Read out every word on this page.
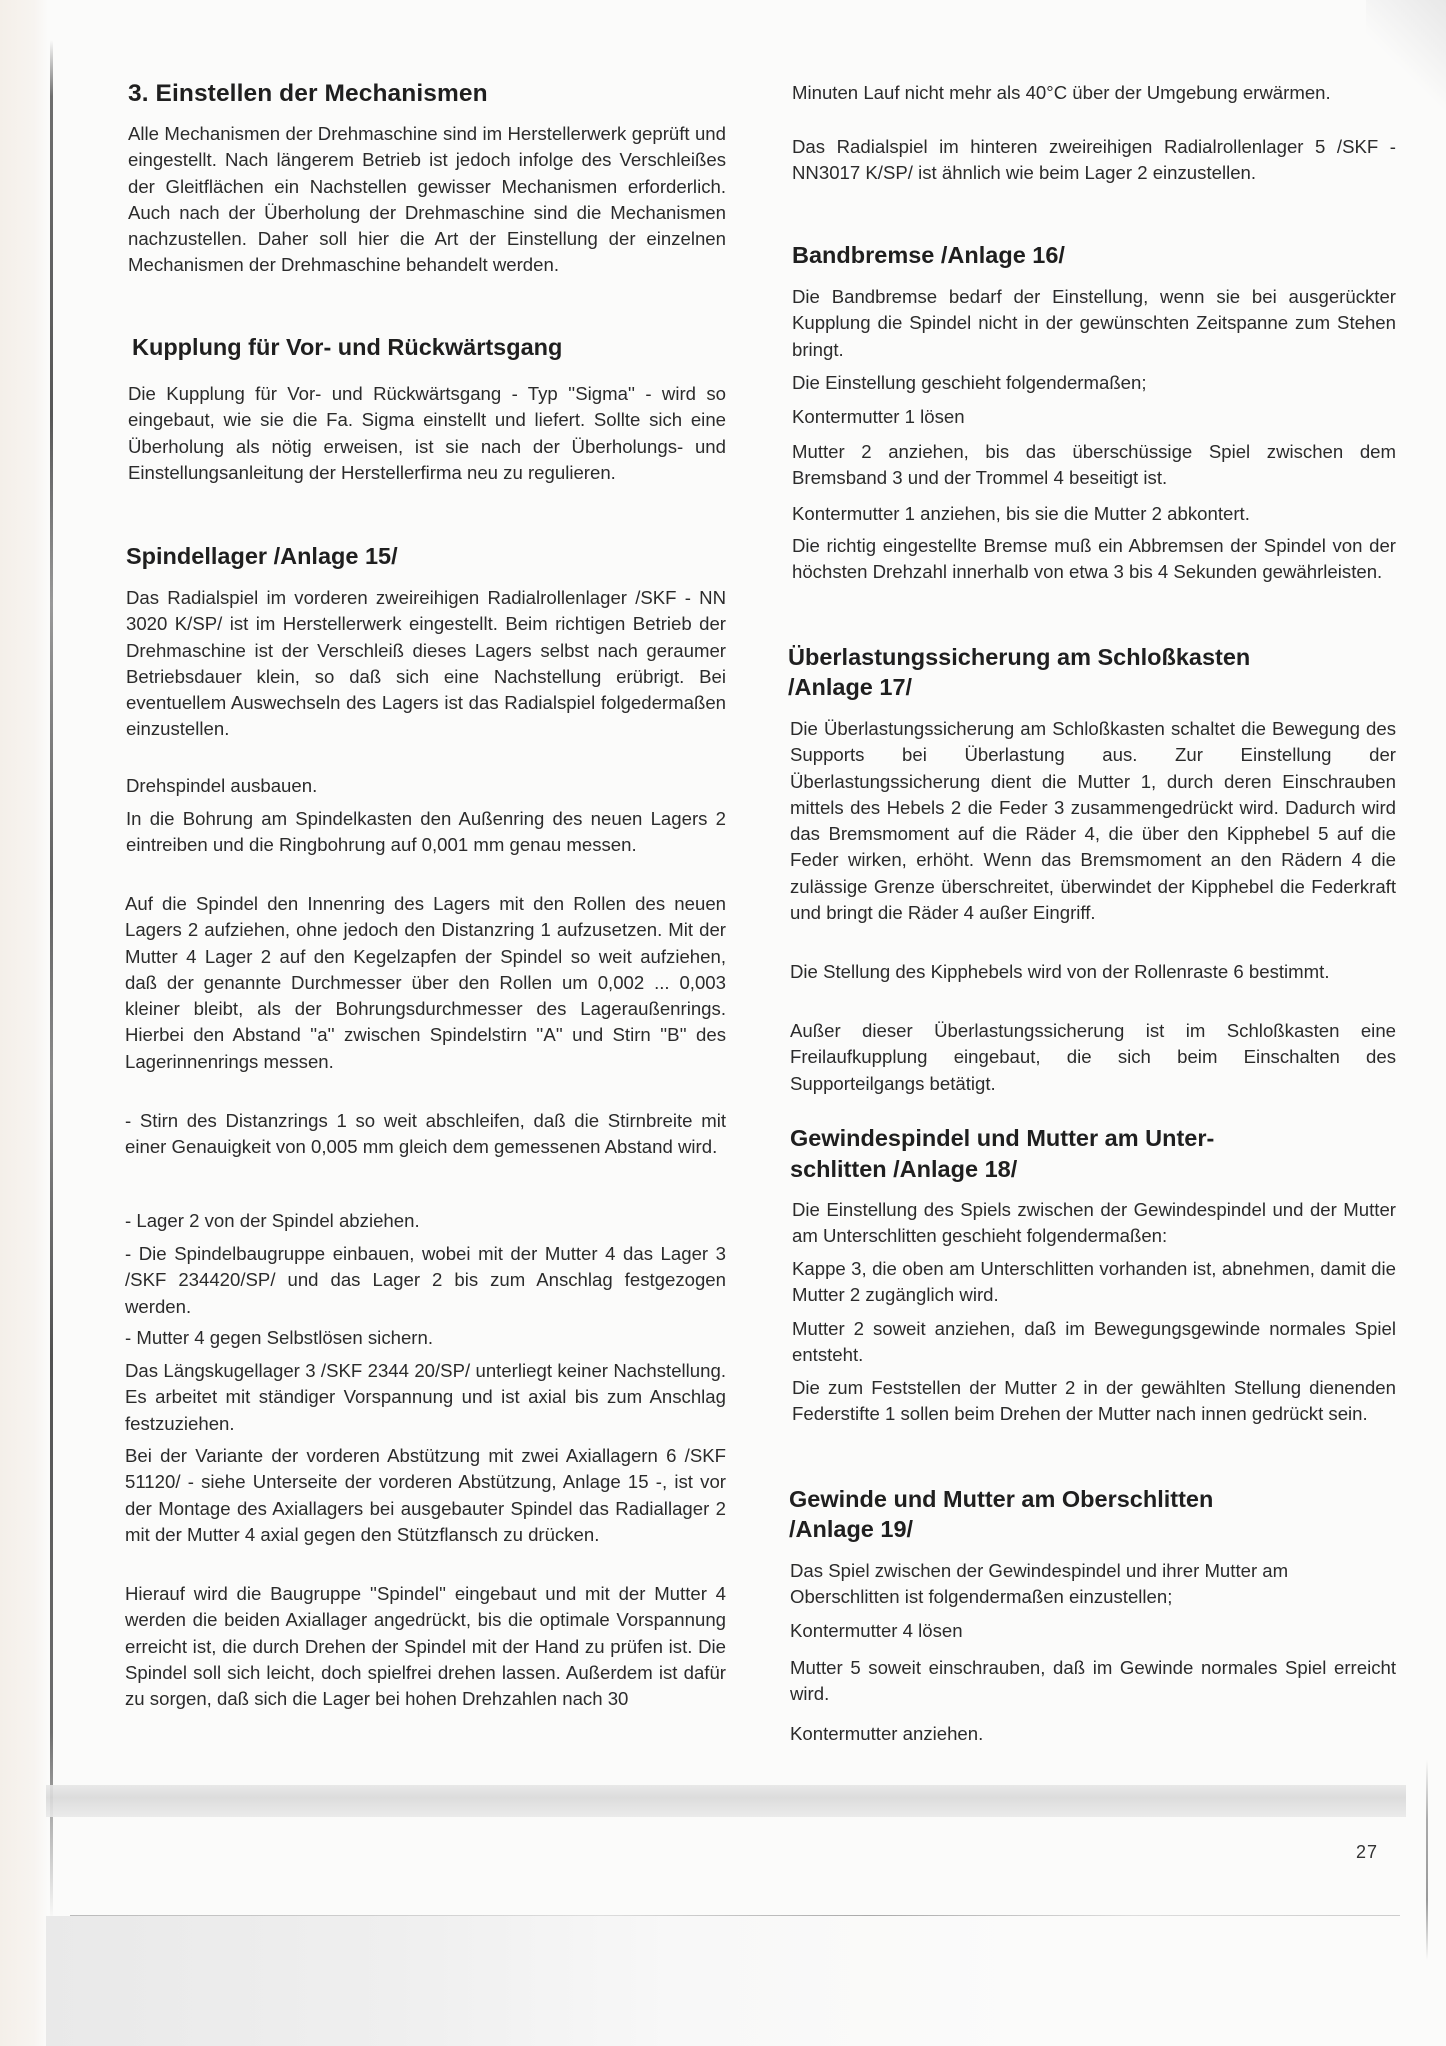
3. Einstellen der Mechanismen

Alle Mechanismen der Drehmaschine sind im Herstellerwerk geprüft und eingestellt. Nach längerem Betrieb ist jedoch infolge des Verschleißes der Gleitflächen ein Nachstellen gewisser Mechanismen erforderlich. Auch nach der Überholung der Drehmaschine sind die Mechanismen nachzustellen. Daher soll hier die Art der Einstellung der einzelnen Mechanismen der Drehmaschine behandelt werden.

Kupplung für Vor- und Rückwärtsgang

Die Kupplung für Vor- und Rückwärtsgang - Typ ''Sigma'' - wird so eingebaut, wie sie die Fa. Sigma einstellt und liefert. Sollte sich eine Überholung als nötig erweisen, ist sie nach der Überholungs- und Einstellungsanleitung der Herstellerfirma neu zu regulieren.

Spindellager /Anlage 15/

Das Radialspiel im vorderen zweireihigen Radialrollenlager /SKF - NN 3020 K/SP/ ist im Herstellerwerk eingestellt. Beim richtigen Betrieb der Drehmaschine ist der Verschleiß dieses Lagers selbst nach geraumer Betriebsdauer klein, so daß sich eine Nachstellung erübrigt. Bei eventuellem Auswechseln des Lagers ist das Radialspiel folgedermaßen einzustellen.

Drehspindel ausbauen.

In die Bohrung am Spindelkasten den Außenring des neuen Lagers 2 eintreiben und die Ringbohrung auf 0,001 mm genau messen.

Auf die Spindel den Innenring des Lagers mit den Rollen des neuen Lagers 2 aufziehen, ohne jedoch den Distanzring 1 aufzusetzen. Mit der Mutter 4 Lager 2 auf den Kegelzapfen der Spindel so weit aufziehen, daß der genannte Durchmesser über den Rollen um 0,002 ... 0,003 kleiner bleibt, als der Bohrungsdurchmesser des Lageraußenrings. Hierbei den Abstand ''a'' zwischen Spindelstirn ''A'' und Stirn ''B'' des Lagerinnenrings messen.

- Stirn des Distanzrings 1 so weit abschleifen, daß die Stirnbreite mit einer Genauigkeit von 0,005 mm gleich dem gemessenen Abstand wird.

- Lager 2 von der Spindel abziehen.

- Die Spindelbaugruppe einbauen, wobei mit der Mutter 4 das Lager 3 /SKF 234420/SP/ und das Lager 2 bis zum Anschlag festgezogen werden.

- Mutter 4 gegen Selbstlösen sichern.

Das Längskugellager 3 /SKF 2344 20/SP/ unterliegt keiner Nachstellung. Es arbeitet mit ständiger Vorspannung und ist axial bis zum Anschlag festzuziehen.

Bei der Variante der vorderen Abstützung mit zwei Axiallagern 6 /SKF 51120/ - siehe Unterseite der vorderen Abstützung, Anlage 15 -, ist vor der Montage des Axiallagers bei ausgebauter Spindel das Radiallager 2 mit der Mutter 4 axial gegen den Stützflansch zu drücken.

Hierauf wird die Baugruppe ''Spindel'' eingebaut und mit der Mutter 4 werden die beiden Axiallager angedrückt, bis die optimale Vorspannung erreicht ist, die durch Drehen der Spindel mit der Hand zu prüfen ist. Die Spindel soll sich leicht, doch spielfrei drehen lassen. Außerdem ist dafür zu sorgen, daß sich die Lager bei hohen Drehzahlen nach 30

Minuten Lauf nicht mehr als 40°C über der Umgebung erwärmen.

Das Radialspiel im hinteren zweireihigen Radialrollenlager 5 /SKF - NN3017 K/SP/ ist ähnlich wie beim Lager 2 einzustellen.

Bandbremse /Anlage 16/

Die Bandbremse bedarf der Einstellung, wenn sie bei ausgerückter Kupplung die Spindel nicht in der gewünschten Zeitspanne zum Stehen bringt.

Die Einstellung geschieht folgendermaßen;

Kontermutter 1 lösen

Mutter 2 anziehen, bis das überschüssige Spiel zwischen dem Bremsband 3 und der Trommel 4 beseitigt ist.

Kontermutter 1 anziehen, bis sie die Mutter 2 abkontert.

Die richtig eingestellte Bremse muß ein Abbremsen der Spindel von der höchsten Drehzahl innerhalb von etwa 3 bis 4 Sekunden gewährleisten.

Überlastungssicherung am Schloßkasten
/Anlage 17/

Die Überlastungssicherung am Schloßkasten schaltet die Bewegung des Supports bei Überlastung aus. Zur Einstellung der Überlastungssicherung dient die Mutter 1, durch deren Einschrauben mittels des Hebels 2 die Feder 3 zusammengedrückt wird. Dadurch wird das Bremsmoment auf die Räder 4, die über den Kipphebel 5 auf die Feder wirken, erhöht. Wenn das Bremsmoment an den Rädern 4 die zulässige Grenze überschreitet, überwindet der Kipphebel die Federkraft und bringt die Räder 4 außer Eingriff.

Die Stellung des Kipphebels wird von der Rollenraste 6 bestimmt.

Außer dieser Überlastungssicherung ist im Schloßkasten eine Freilaufkupplung eingebaut, die sich beim Einschalten des Supporteilgangs betätigt.

Gewindespindel und Mutter am Unter-
schlitten /Anlage 18/

Die Einstellung des Spiels zwischen der Gewindespindel und der Mutter am Unterschlitten geschieht folgendermaßen:

Kappe 3, die oben am Unterschlitten vorhanden ist, abnehmen, damit die Mutter 2 zugänglich wird.

Mutter 2 soweit anziehen, daß im Bewegungsgewinde normales Spiel entsteht.

Die zum Feststellen der Mutter 2 in der gewählten Stellung dienenden Federstifte 1 sollen beim Drehen der Mutter nach innen gedrückt sein.

Gewinde und Mutter am Oberschlitten
/Anlage 19/

Das Spiel zwischen der Gewindespindel und ihrer Mutter am Oberschlitten ist folgendermaßen einzustellen;

Kontermutter 4 lösen

Mutter 5 soweit einschrauben, daß im Gewinde normales Spiel erreicht wird.

Kontermutter anziehen.

27
